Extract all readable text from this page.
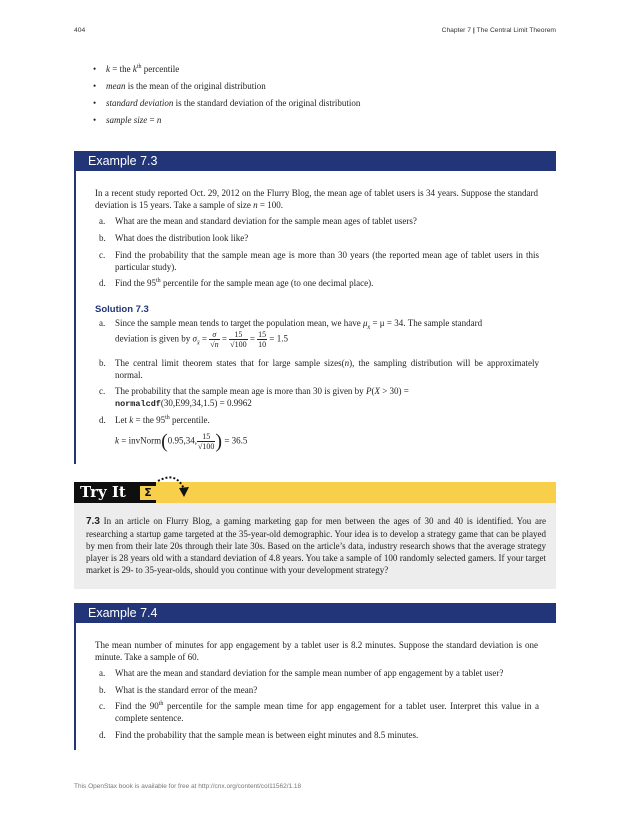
404	Chapter 7 | The Central Limit Theorem
• k = the $k^{th}$ percentile
• mean is the mean of the original distribution
• standard deviation is the standard deviation of the original distribution
• sample size = n
Example 7.3
In a recent study reported Oct. 29, 2012 on the Flurry Blog, the mean age of tablet users is 34 years. Suppose the standard deviation is 15 years. Take a sample of size n = 100.
a.	What are the mean and standard deviation for the sample mean ages of tablet users?
b.	What does the distribution look like?
c.	Find the probability that the sample mean age is more than 30 years (the reported mean age of tablet users in this particular study).
d.	Find the 95th percentile for the sample mean age (to one decimal place).
Solution 7.3
a.	Since the sample mean tends to target the population mean, we have $\mu_{x̄} = \mu = 34$. The sample standard
deviation is given by $\sigma_{x̄} = \frac{\sigma}{√n} = \frac{15}{√100} = \frac{15}{10} = 1.5$
b.	The central limit theorem states that for large sample sizes(n), the sampling distribution will be approximately normal.
c.	The probability that the sample mean age is more than 30 is given by P(X > 30) =
normalcdf(30,E99,34,1.5) = 0.9962
d.	Let k = the 95th percentile.
k = invNorm(0.95,34, $\frac{15}{√100}$ ) = 36.5
Try It	Σ
7.3 In an article on Flurry Blog, a gaming marketing gap for men between the ages of 30 and 40 is identified. You are researching a startup game targeted at the 35-year-old demographic. Your idea is to develop a strategy game that can be played by men from their late 20s through their late 30s. Based on the article’s data, industry research shows that the average strategy player is 28 years old with a standard deviation of 4.8 years. You take a sample of 100 randomly selected gamers. If your target market is 29- to 35-year-olds, should you continue with your development strategy?
Example 7.4
The mean number of minutes for app engagement by a tablet user is 8.2 minutes. Suppose the standard deviation is one minute. Take a sample of 60.
a.	What are the mean and standard deviation for the sample mean number of app engagement by a tablet user?
b.	What is the standard error of the mean?
c.	Find the 90th percentile for the sample mean time for app engagement for a tablet user. Interpret this value in a complete sentence.
d.	Find the probability that the sample mean is between eight minutes and 8.5 minutes.
This OpenStax book is available for free at http://cnx.org/content/col11562/1.18
